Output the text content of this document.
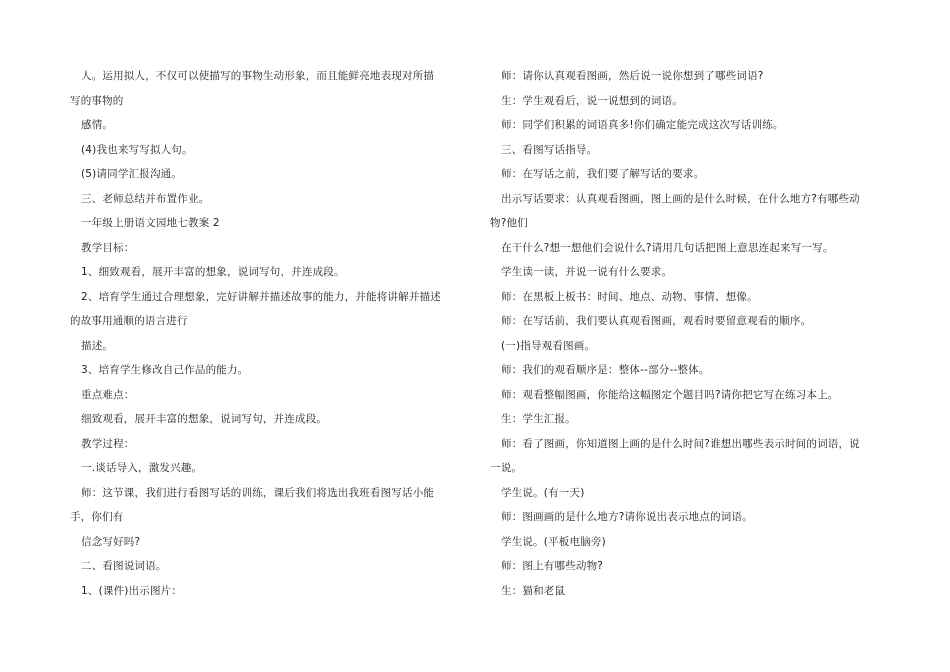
人。运用拟人，不仅可以使描写的事物生动形象，而且能鲜亮地表现对所描
写的事物的
感情。
(4)我也来写写拟人句。
(5)请同学汇报沟通。
三、老师总结并布置作业。
一年级上册语文园地七教案 2
教学目标：
1、细致观看，展开丰富的想象，说词写句，并连成段。
2、培育学生通过合理想象，完好讲解并描述故事的能力，并能将讲解并描述
的故事用通顺的语言进行
描述。
3、培育学生修改自己作品的能力。
重点难点：
细致观看，展开丰富的想象，说词写句，并连成段。
教学过程：
一.谈话导入，激发兴趣。
师：这节课，我们进行看图写话的训练，课后我们将选出我班看图写话小能
手，你们有
信念写好吗?
二、看图说词语。
1、(课件)出示图片：
师：请你认真观看图画，然后说一说你想到了哪些词语?
生：学生观看后，说一说想到的词语。
师：同学们积累的词语真多!你们确定能完成这次写话训练。
三、看图写话指导。
师：在写话之前，我们要了解写话的要求。
出示写话要求：认真观看图画，图上画的是什么时候，在什么地方?有哪些动
物?他们
在干什么?想一想他们会说什么?请用几句话把图上意思连起来写一写。
学生读一读，并说一说有什么要求。
师：在黑板上板书：时间、地点、动物、事情、想像。
师：在写话前，我们要认真观看图画，观看时要留意观看的顺序。
(一)指导观看图画。
师：我们的观看顺序是：整体--部分--整体。
师：观看整幅图画，你能给这幅图定个题目吗?请你把它写在练习本上。
生：学生汇报。
师：看了图画，你知道图上画的是什么时间?谁想出哪些表示时间的词语，说
一说。
学生说。(有一天)
师：图画画的是什么地方?请你说出表示地点的词语。
学生说。(平板电脑旁)
师：图上有哪些动物?
生：猫和老鼠
